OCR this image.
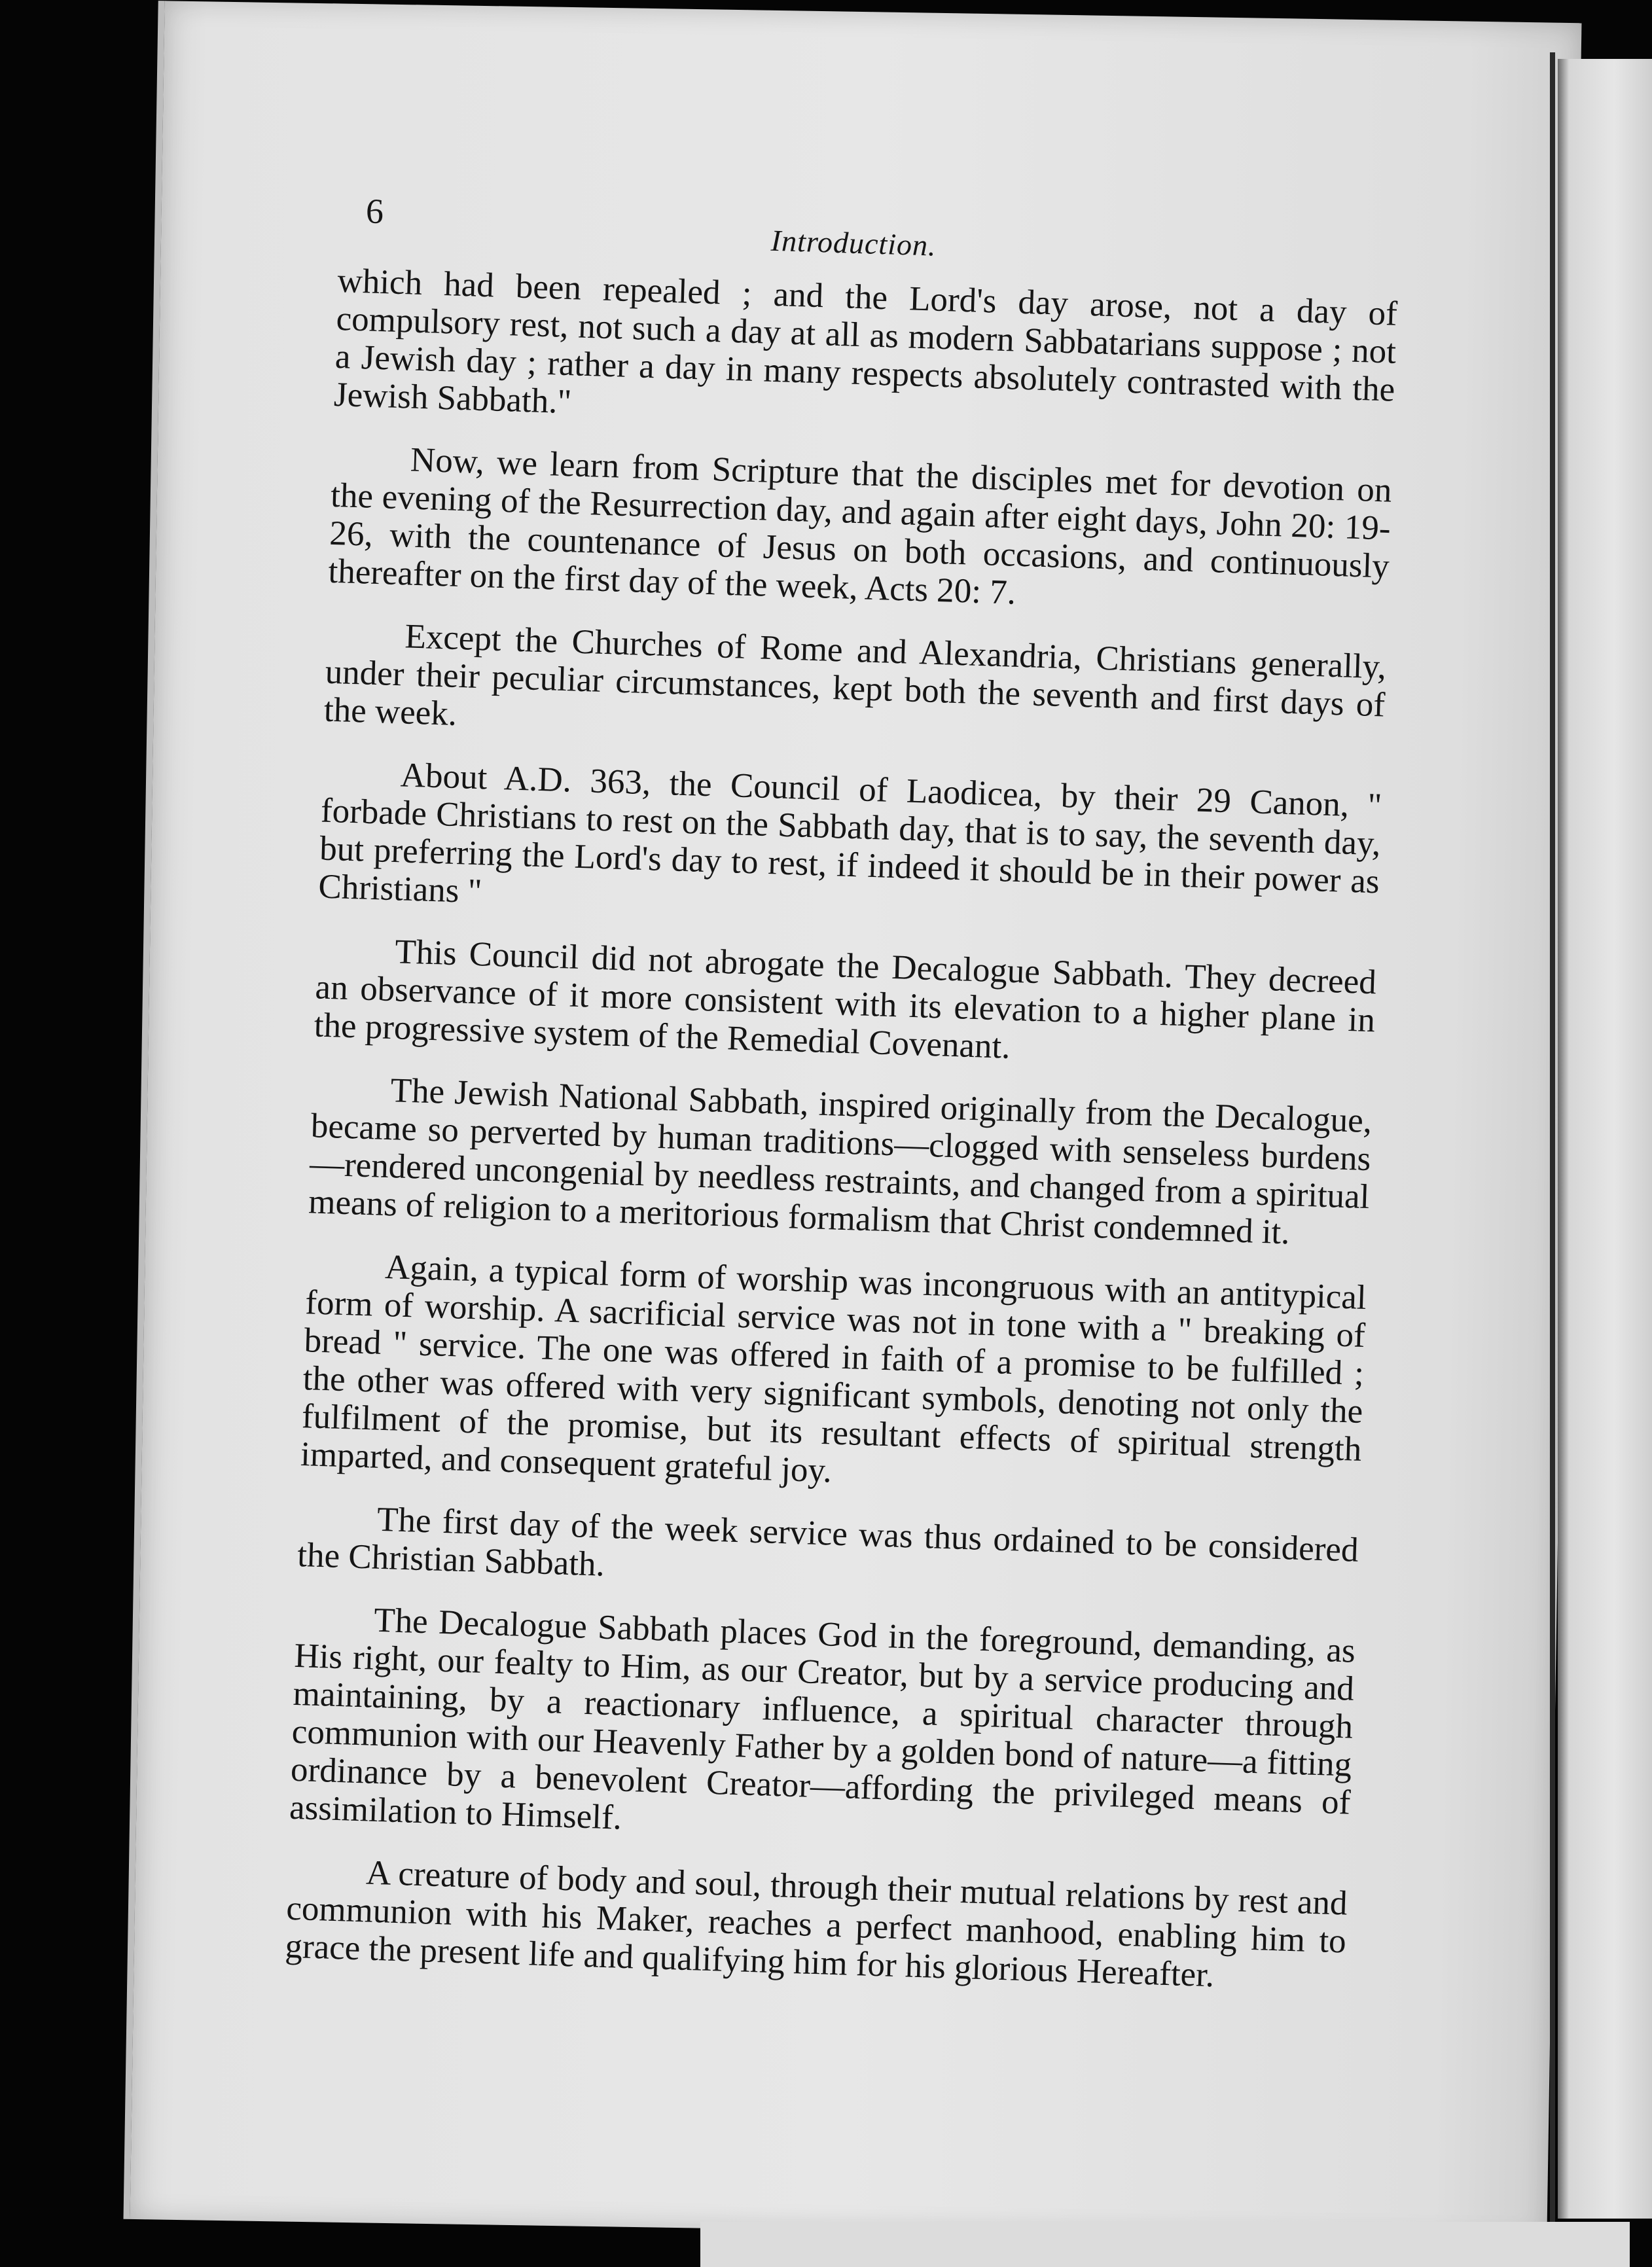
6
Introduction.

which had been repealed ; and the Lord's day arose, not a day of compulsory rest, not such a day at all as modern Sabbatarians suppose ; not a Jewish day ; rather a day in many respects absolutely contrasted with the Jewish Sabbath."

Now, we learn from Scripture that the disciples met for devotion on the evening of the Resurrection day, and again after eight days, John 20: 19-26, with the countenance of Jesus on both occasions, and continuously thereafter on the first day of the week, Acts 20: 7.

Except the Churches of Rome and Alexandria, Christians generally, under their peculiar circumstances, kept both the seventh and first days of the week.

About A.D. 363, the Council of Laodicea, by their 29 Canon, " forbade Christians to rest on the Sabbath day, that is to say, the seventh day, but preferring the Lord's day to rest, if indeed it should be in their power as Christians "

This Council did not abrogate the Decalogue Sabbath. They decreed an observance of it more consistent with its elevation to a higher plane in the progressive system of the Remedial Covenant.

The Jewish National Sabbath, inspired originally from the Decalogue, became so perverted by human traditions—clogged with senseless burdens—rendered uncongenial by needless restraints, and changed from a spiritual means of religion to a meritorious formalism that Christ condemned it.

Again, a typical form of worship was incongruous with an antitypical form of worship. A sacrificial service was not in tone with a " breaking of bread " service. The one was offered in faith of a promise to be fulfilled ; the other was offered with very significant symbols, denoting not only the fulfilment of the promise, but its resultant effects of spiritual strength imparted, and consequent grateful joy.

The first day of the week service was thus ordained to be considered the Christian Sabbath.

The Decalogue Sabbath places God in the foreground, demanding, as His right, our fealty to Him, as our Creator, but by a service producing and maintaining, by a reactionary influence, a spiritual character through communion with our Heavenly Father by a golden bond of nature—a fitting ordinance by a benevolent Creator—affording the privileged means of assimilation to Himself.

A creature of body and soul, through their mutual relations by rest and communion with his Maker, reaches a perfect manhood, enabling him to grace the present life and qualifying him for his glorious Hereafter.
